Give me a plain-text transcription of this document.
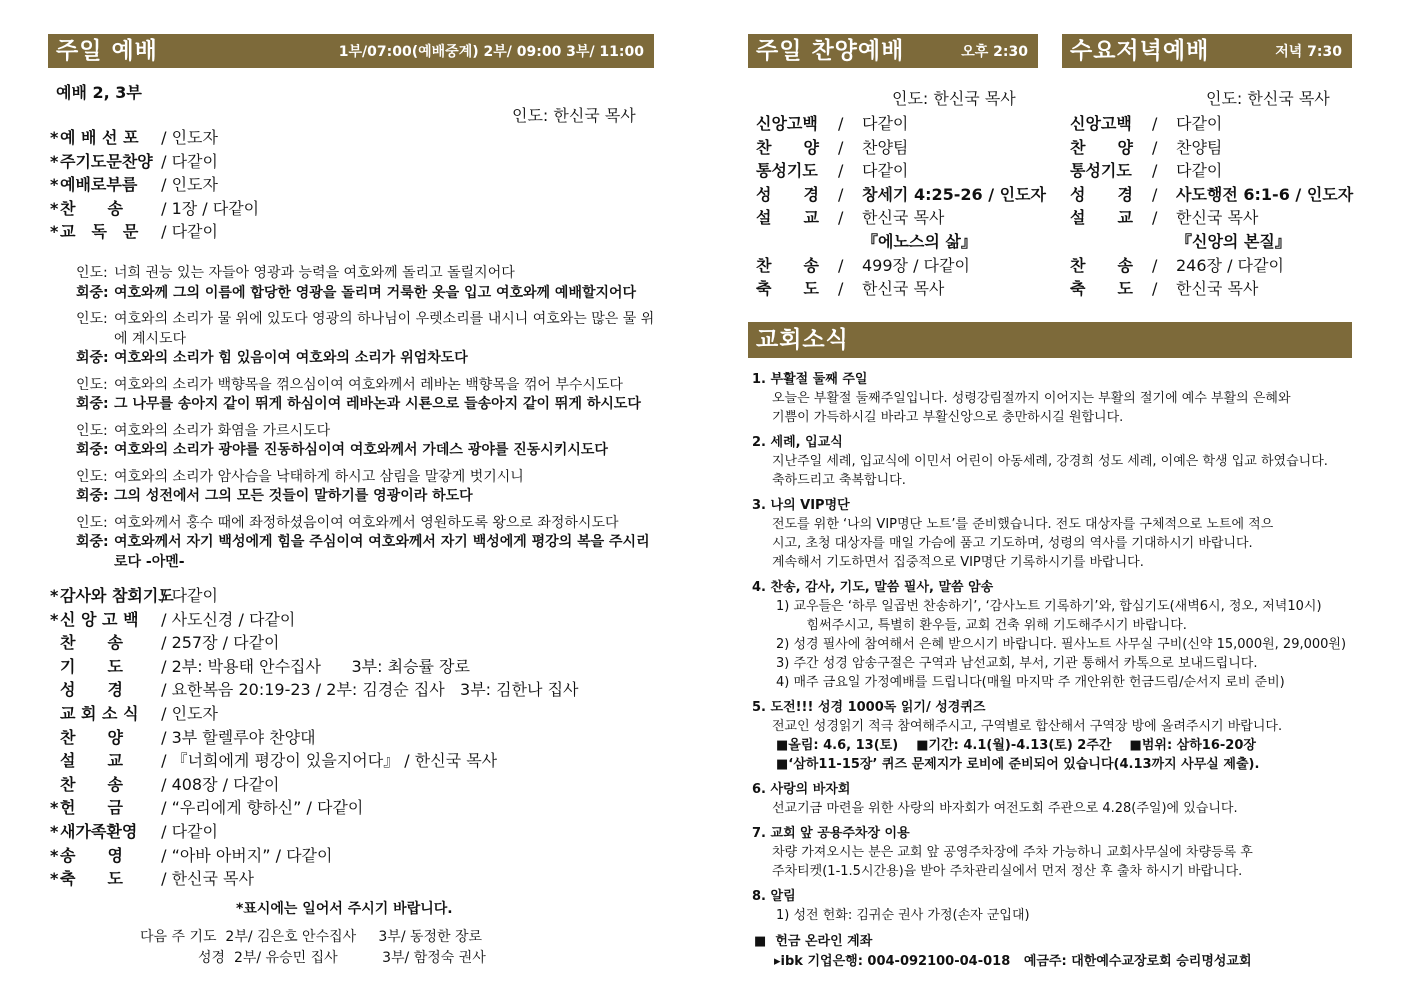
주일 예배	1부/07:00(예배중계) 2부/ 09:00 3부/ 11:00
예배 2, 3부
인도: 한신국 목사
* 예 배 선 포 / 인도자
* 주기도문찬양 / 다같이
* 예배로부름 / 인도자
* 찬　　송 / 1장 / 다같이
* 교　독　문 / 다같이
인도: 너희 권능 있는 자들아 영광과 능력을 여호와께 돌리고 돌릴지어다
회중: 여호와께 그의 이름에 합당한 영광을 돌리며 거룩한 옷을 입고 여호와께 예배할지어다
인도: 여호와의 소리가 물 위에 있도다 영광의 하나님이 우렛소리를 내시니 여호와는 많은 물 위에 계시도다
회중: 여호와의 소리가 힘 있음이여 여호와의 소리가 위엄차도다
인도: 여호와의 소리가 백향목을 꺾으심이여 여호와께서 레바논 백향목을 꺾어 부수시도다
회중: 그 나무를 송아지 같이 뛰게 하심이여 레바논과 시룐으로 들송아지 같이 뛰게 하시도다
인도: 여호와의 소리가 화염을 가르시도다
회중: 여호와의 소리가 광야를 진동하심이여 여호와께서 가데스 광야를 진동시키시도다
인도: 여호와의 소리가 암사슴을 낙태하게 하시고 삼림을 말갛게 벗기시니
회중: 그의 성전에서 그의 모든 것들이 말하기를 영광이라 하도다
인도: 여호와께서 홍수 때에 좌정하셨음이여 여호와께서 영원하도록 왕으로 좌정하시도다
회중: 여호와께서 자기 백성에게 힘을 주심이여 여호와께서 자기 백성에게 평강의 복을 주시리로다 -아멘-
* 감사와 참회기도 / 다같이
* 신 앙 고 백 / 사도신경 / 다같이
찬　　송 / 257장 / 다같이
기　　도 / 2부: 박용태 안수집사      3부: 최승률 장로
성　　경 / 요한복음 20:19-23 / 2부: 김경순 집사   3부: 김한나 집사
교 회 소 식 / 인도자
찬　　양 / 3부 할렐루야 찬양대
설　　교 / 『너희에게 평강이 있을지어다』 / 한신국 목사
찬　　송 / 408장 / 다같이
* 헌　　금 / “우리에게 향하신” / 다같이
* 새가족환영 / 다같이
* 송　　영 / “아바 아버지” / 다같이
* 축　　도 / 한신국 목사
*표시에는 일어서 주시기 바랍니다.
다음 주 기도  2부/ 김은호 안수집사     3부/ 동정한 장로
성경  2부/ 유승민 집사          3부/ 함정숙 권사
주일 찬양예배	오후 2:30
인도: 한신국 목사
신앙고백 / 다같이
찬　　양 / 찬양팀
통성기도 / 다같이
성　　경 / 창세기 4:25-26 / 인도자
설　　교 / 한신국 목사
『에노스의 삶』
찬　　송 / 499장 / 다같이
축　　도 / 한신국 목사
수요저녁예배	저녁 7:30
인도: 한신국 목사
신앙고백 / 다같이
찬　　양 / 찬양팀
통성기도 / 다같이
성　　경 / 사도행전 6:1-6 / 인도자
설　　교 / 한신국 목사
『신앙의 본질』
찬　　송 / 246장 / 다같이
축　　도 / 한신국 목사
교회소식
1. 부활절 둘째 주일
오늘은 부활절 둘째주일입니다. 성령강림절까지 이어지는 부활의 절기에 예수 부활의 은혜와
기쁨이 가득하시길 바라고 부활신앙으로 충만하시길 원합니다.
2. 세례, 입교식
지난주일 세례, 입교식에 이민서 어린이 아동세례, 강경희 성도 세례, 이예은 학생 입교 하였습니다.
축하드리고 축복합니다.
3. 나의 VIP명단
전도를 위한 ‘나의 VIP명단 노트’를 준비했습니다. 전도 대상자를 구체적으로 노트에 적으
시고, 초청 대상자를 매일 가슴에 품고 기도하며, 성령의 역사를 기대하시기 바랍니다.
계속해서 기도하면서 집중적으로 VIP명단 기록하시기를 바랍니다.
4. 찬송, 감사, 기도, 말씀 필사, 말씀 암송
1) 교우들은 ‘하루 일곱번 찬송하기’, ‘감사노트 기록하기’와, 합심기도(새벽6시, 정오, 저녁10시)
힘써주시고, 특별히 환우들, 교회 건축 위해 기도해주시기 바랍니다.
2) 성경 필사에 참여해서 은혜 받으시기 바랍니다. 필사노트 사무실 구비(신약 15,000원, 29,000원)
3) 주간 성경 암송구절은 구역과 남선교회, 부서, 기관 통해서 카톡으로 보내드립니다.
4) 매주 금요일 가정예배를 드립니다(매월 마지막 주 개안위한 헌금드림/순서지 로비 준비)
5. 도전!!! 성경 1000독 읽기/ 성경퀴즈
전교인 성경읽기 적극 참여해주시고, 구역별로 합산해서 구역장 방에 올려주시기 바랍니다.
■올림: 4.6, 13(토)    ■기간: 4.1(월)-4.13(토) 2주간    ■범위: 삼하16-20장
■‘삼하11-15장’ 퀴즈 문제지가 로비에 준비되어 있습니다(4.13까지 사무실 제출).
6. 사랑의 바자회
선교기금 마련을 위한 사랑의 바자회가 여전도회 주관으로 4.28(주일)에 있습니다.
7. 교회 앞 공용주차장 이용
차량 가져오시는 분은 교회 앞 공영주차장에 주차 가능하니 교회사무실에 차량등록 후
주차티켓(1-1.5시간용)을 받아 주차관리실에서 먼저 정산 후 출차 하시기 바랍니다.
8. 알림
1) 성전 헌화: 김귀순 권사 가정(손자 군입대)
■  헌금 온라인 계좌
▸ibk 기업은행: 004-092100-04-018   예금주: 대한예수교장로회 승리명성교회
